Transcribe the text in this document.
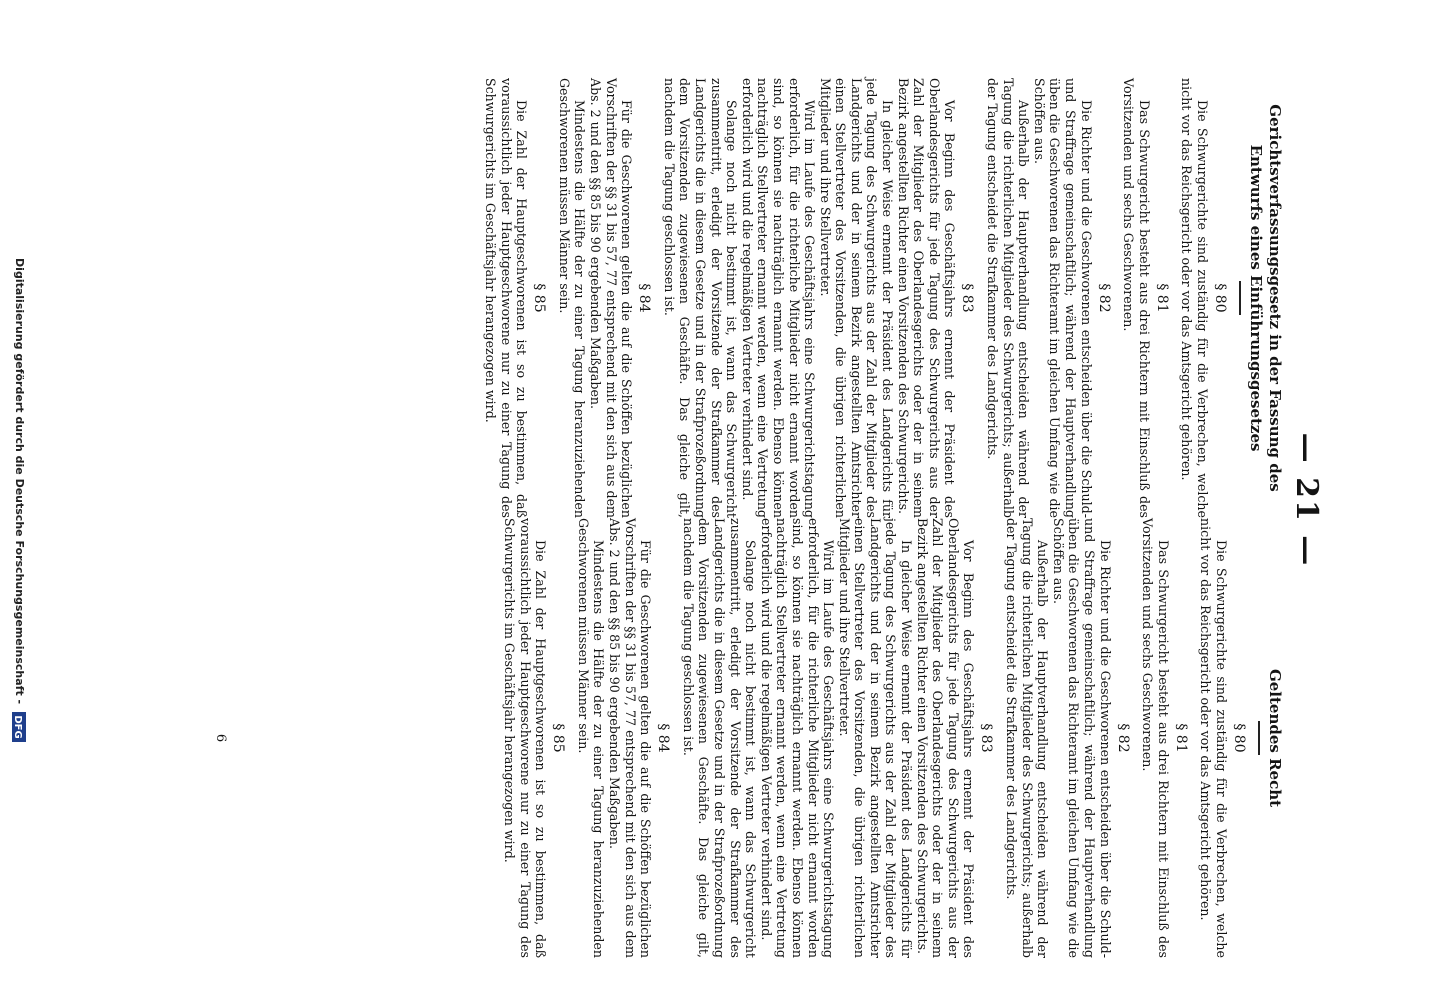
— 21 —
Gerichtsverfassungsgesetz in der Fassung des Entwurfs eines Einführungsgesetzes
§ 80

Die Schwurgerichte sind zuständig für die Verbrechen, welche nicht vor das Reichsgericht oder vor das Amtsgericht gehören.

§ 81

Das Schwurgericht besteht aus drei Richtern mit Einschluß des Vorsitzenden und sechs Geschworenen.

§ 82

Die Richter und die Geschworenen entscheiden über die Schuld- und Straffrage gemeinschaftlich; während der Hauptverhandlung üben die Geschworenen das Richteramt im gleichen Umfang wie die Schöffen aus.

Außerhalb der Hauptverhandlung entscheiden während der Tagung die richterlichen Mitglieder des Schwurgerichts; außerhalb der Tagung entscheidet die Strafkammer des Landgerichts.

§ 83

Vor Beginn des Geschäftsjahrs ernennt der Präsident des Oberlandesgerichts für jede Tagung des Schwurgerichts aus der Zahl der Mitglieder des Oberlandesgerichts oder der in seinem Bezirk angestellten Richter einen Vorsitzenden des Schwurgerichts.

In gleicher Weise ernennt der Präsident des Landgerichts für jede Tagung des Schwurgerichts aus der Zahl der Mitglieder des Landgerichts und der in seinem Bezirk angestellten Amtsrichter einen Stellvertreter des Vorsitzenden, die übrigen richterlichen Mitglieder und ihre Stellvertreter.

Wird im Laufe des Geschäftsjahrs eine Schwurgerichtstagung erforderlich, für die richterliche Mitglieder nicht ernannt worden sind, so können sie nachträglich ernannt werden. Ebenso können nachträglich Stellvertreter ernannt werden, wenn eine Vertretung erforderlich wird und die regelmäßigen Vertreter verhindert sind.

Solange noch nicht bestimmt ist, wann das Schwurgericht zusammentritt, erledigt der Vorsitzende der Strafkammer des Landgerichts die in diesem Gesetze und in der Strafprozeßordnung dem Vorsitzenden zugewiesenen Geschäfte. Das gleiche gilt, nachdem die Tagung geschlossen ist.

§ 84

Für die Geschworenen gelten die auf die Schöffen bezüglichen Vorschriften der §§ 31 bis 57, 77 entsprechend mit den sich aus dem Abs. 2 und den §§ 85 bis 90 ergebenden Maßgaben.

Mindestens die Hälfte der zu einer Tagung heranzuziehenden Geschworenen müssen Männer sein.

§ 85

Die Zahl der Hauptgeschworenen ist so zu bestimmen, daß voraussichtlich jeder Hauptgeschworene nur zu einer Tagung des Schwurgerichts im Geschäftsjahr herangezogen wird.

Geltendes Recht
§ 80

Die Schwurgerichte sind zuständig für die Verbrechen, welche nicht vor das Reichsgericht oder vor das Amtsgericht gehören.

§ 81

Das Schwurgericht besteht aus drei Richtern mit Einschluß des Vorsitzenden und sechs Geschworenen.

§ 82

Die Richter und die Geschworenen entscheiden über die Schuld- und Straffrage gemeinschaftlich; während der Hauptverhandlung üben die Geschworenen das Richteramt im gleichen Umfang wie die Schöffen aus.

Außerhalb der Hauptverhandlung entscheiden während der Tagung die richterlichen Mitglieder des Schwurgerichts; außerhalb der Tagung entscheidet die Strafkammer des Landgerichts.

§ 83

Vor Beginn des Geschäftsjahrs ernennt der Präsident des Oberlandesgerichts für jede Tagung des Schwurgerichts aus der Zahl der Mitglieder des Oberlandesgerichts oder der in seinem Bezirk angestellten Richter einen Vorsitzenden des Schwurgerichts.

In gleicher Weise ernennt der Präsident des Landgerichts für jede Tagung des Schwurgerichts aus der Zahl der Mitglieder des Landgerichts und der in seinem Bezirk angestellten Amtsrichter einen Stellvertreter des Vorsitzenden, die übrigen richterlichen Mitglieder und ihre Stellvertreter.

Wird im Laufe des Geschäftsjahrs eine Schwurgerichtstagung erforderlich, für die richterliche Mitglieder nicht ernannt worden sind, so können sie nachträglich ernannt werden. Ebenso können nachträglich Stellvertreter ernannt werden, wenn eine Vertretung erforderlich wird und die regelmäßigen Vertreter verhindert sind.

Solange noch nicht bestimmt ist, wann das Schwurgericht zusammentritt, erledigt der Vorsitzende der Strafkammer des Landgerichts die in diesem Gesetze und in der Strafprozeßordnung dem Vorsitzenden zugewiesenen Geschäfte. Das gleiche gilt, nachdem die Tagung geschlossen ist.

§ 84

Für die Geschworenen gelten die auf die Schöffen bezüglichen Vorschriften der §§ 31 bis 57, 77 entsprechend mit den sich aus dem Abs. 2 und den §§ 85 bis 90 ergebenden Maßgaben.

Mindestens die Hälfte der zu einer Tagung heranzuziehenden Geschworenen müssen Männer sein.

§ 85

Die Zahl der Hauptgeschworenen ist so zu bestimmen, daß voraussichtlich jeder Hauptgeschworene nur zu einer Tagung des Schwurgerichts im Geschäftsjahr herangezogen wird.

6
Digitalisierung gefördert durch die Deutsche Forschungsgemeinschaft -
DFG
